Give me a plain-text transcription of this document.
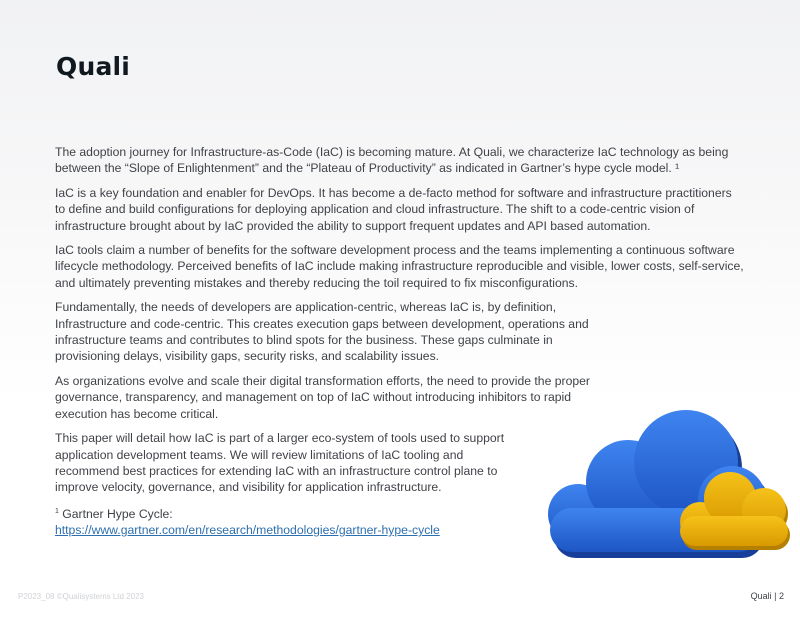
Quali

The adoption journey for Infrastructure-as-Code (IaC) is becoming mature. At Quali, we characterize IaC technology as being between the “Slope of Enlightenment” and the “Plateau of Productivity” as indicated in Gartner’s hype cycle model. ¹

IaC is a key foundation and enabler for DevOps. It has become a de-facto method for software and infrastructure practitioners to define and build configurations for deploying application and cloud infrastructure. The shift to a code-centric vision of infrastructure brought about by IaC provided the ability to support frequent updates and API based automation.

IaC tools claim a number of benefits for the software development process and the teams implementing a continuous software lifecycle methodology. Perceived benefits of IaC include making infrastructure reproducible and visible, lower costs, self-service, and ultimately preventing mistakes and thereby reducing the toil required to fix misconfigurations.

Fundamentally, the needs of developers are application-centric, whereas IaC is, by definition, Infrastructure and code-centric. This creates execution gaps between development, operations and infrastructure teams and contributes to blind spots for the business. These gaps culminate in provisioning delays, visibility gaps, security risks, and scalability issues.

As organizations evolve and scale their digital transformation efforts, the need to provide the proper governance, transparency, and management on top of IaC without introducing inhibitors to rapid execution has become critical.

This paper will detail how IaC is part of a larger eco-system of tools used to support application development teams. We will review limitations of IaC tooling and recommend best practices for extending IaC with an infrastructure control plane to improve velocity, governance, and visibility for application infrastructure.

$^1$ Gartner Hype Cycle:
https://www.gartner.com/en/research/methodologies/gartner-hype-cycle
P2023_08 ©Qualisystems Ltd 2023	Quali | 2
